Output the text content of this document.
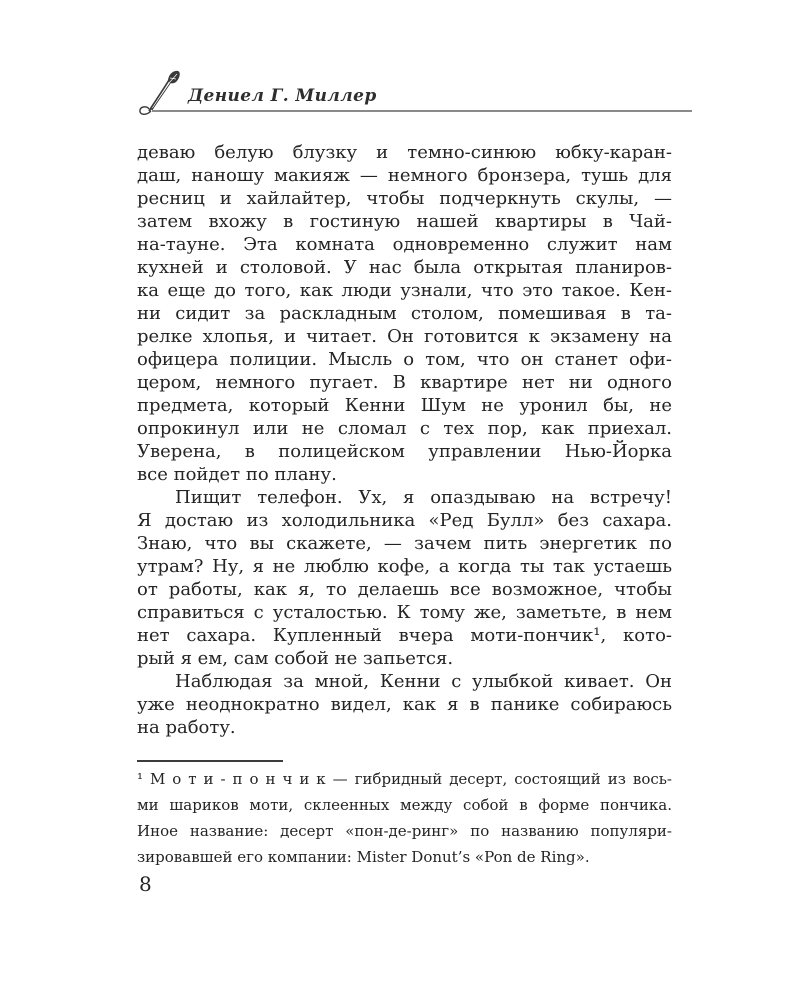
Дениел Г. Миллер
деваю белую блузку и темно-синюю юбку-каран-
даш, наношу макияж — немного бронзера, тушь для
ресниц и хайлайтер, чтобы подчеркнуть скулы, —
затем вхожу в гостиную нашей квартиры в Чай-
на-тауне. Эта комната одновременно служит нам
кухней и столовой. У нас была открытая планиров-
ка еще до того, как люди узнали, что это такое. Кен-
ни сидит за раскладным столом, помешивая в та-
релке хлопья, и читает. Он готовится к экзамену на
офицера полиции. Мысль о том, что он станет офи-
цером, немного пугает. В квартире нет ни одного
предмета, который Кенни Шум не уронил бы, не
опрокинул или не сломал с тех пор, как приехал.
Уверена, в полицейском управлении Нью-Йорка
все пойдет по плану.
Пищит телефон. Ух, я опаздываю на встречу!
Я достаю из холодильника «Ред Булл» без сахара.
Знаю, что вы скажете, — зачем пить энергетик по
утрам? Ну, я не люблю кофе, а когда ты так устаешь
от работы, как я, то делаешь все возможное, чтобы
справиться с усталостью. К тому же, заметьте, в нем
нет сахара. Купленный вчера моти-пончик¹, кото-
рый я ем, сам собой не запьется.
Наблюдая за мной, Кенни с улыбкой кивает. Он
уже неоднократно видел, как я в панике собираюсь
на работу.
¹ М о т и - п о н ч и к — гибридный десерт, состоящий из вось-
ми шариков моти, склеенных между собой в форме пончика.
Иное название: десерт «пон-де-ринг» по названию популяри-
зировавшей его компании: Mister Donut’s «Pon de Ring».
8
